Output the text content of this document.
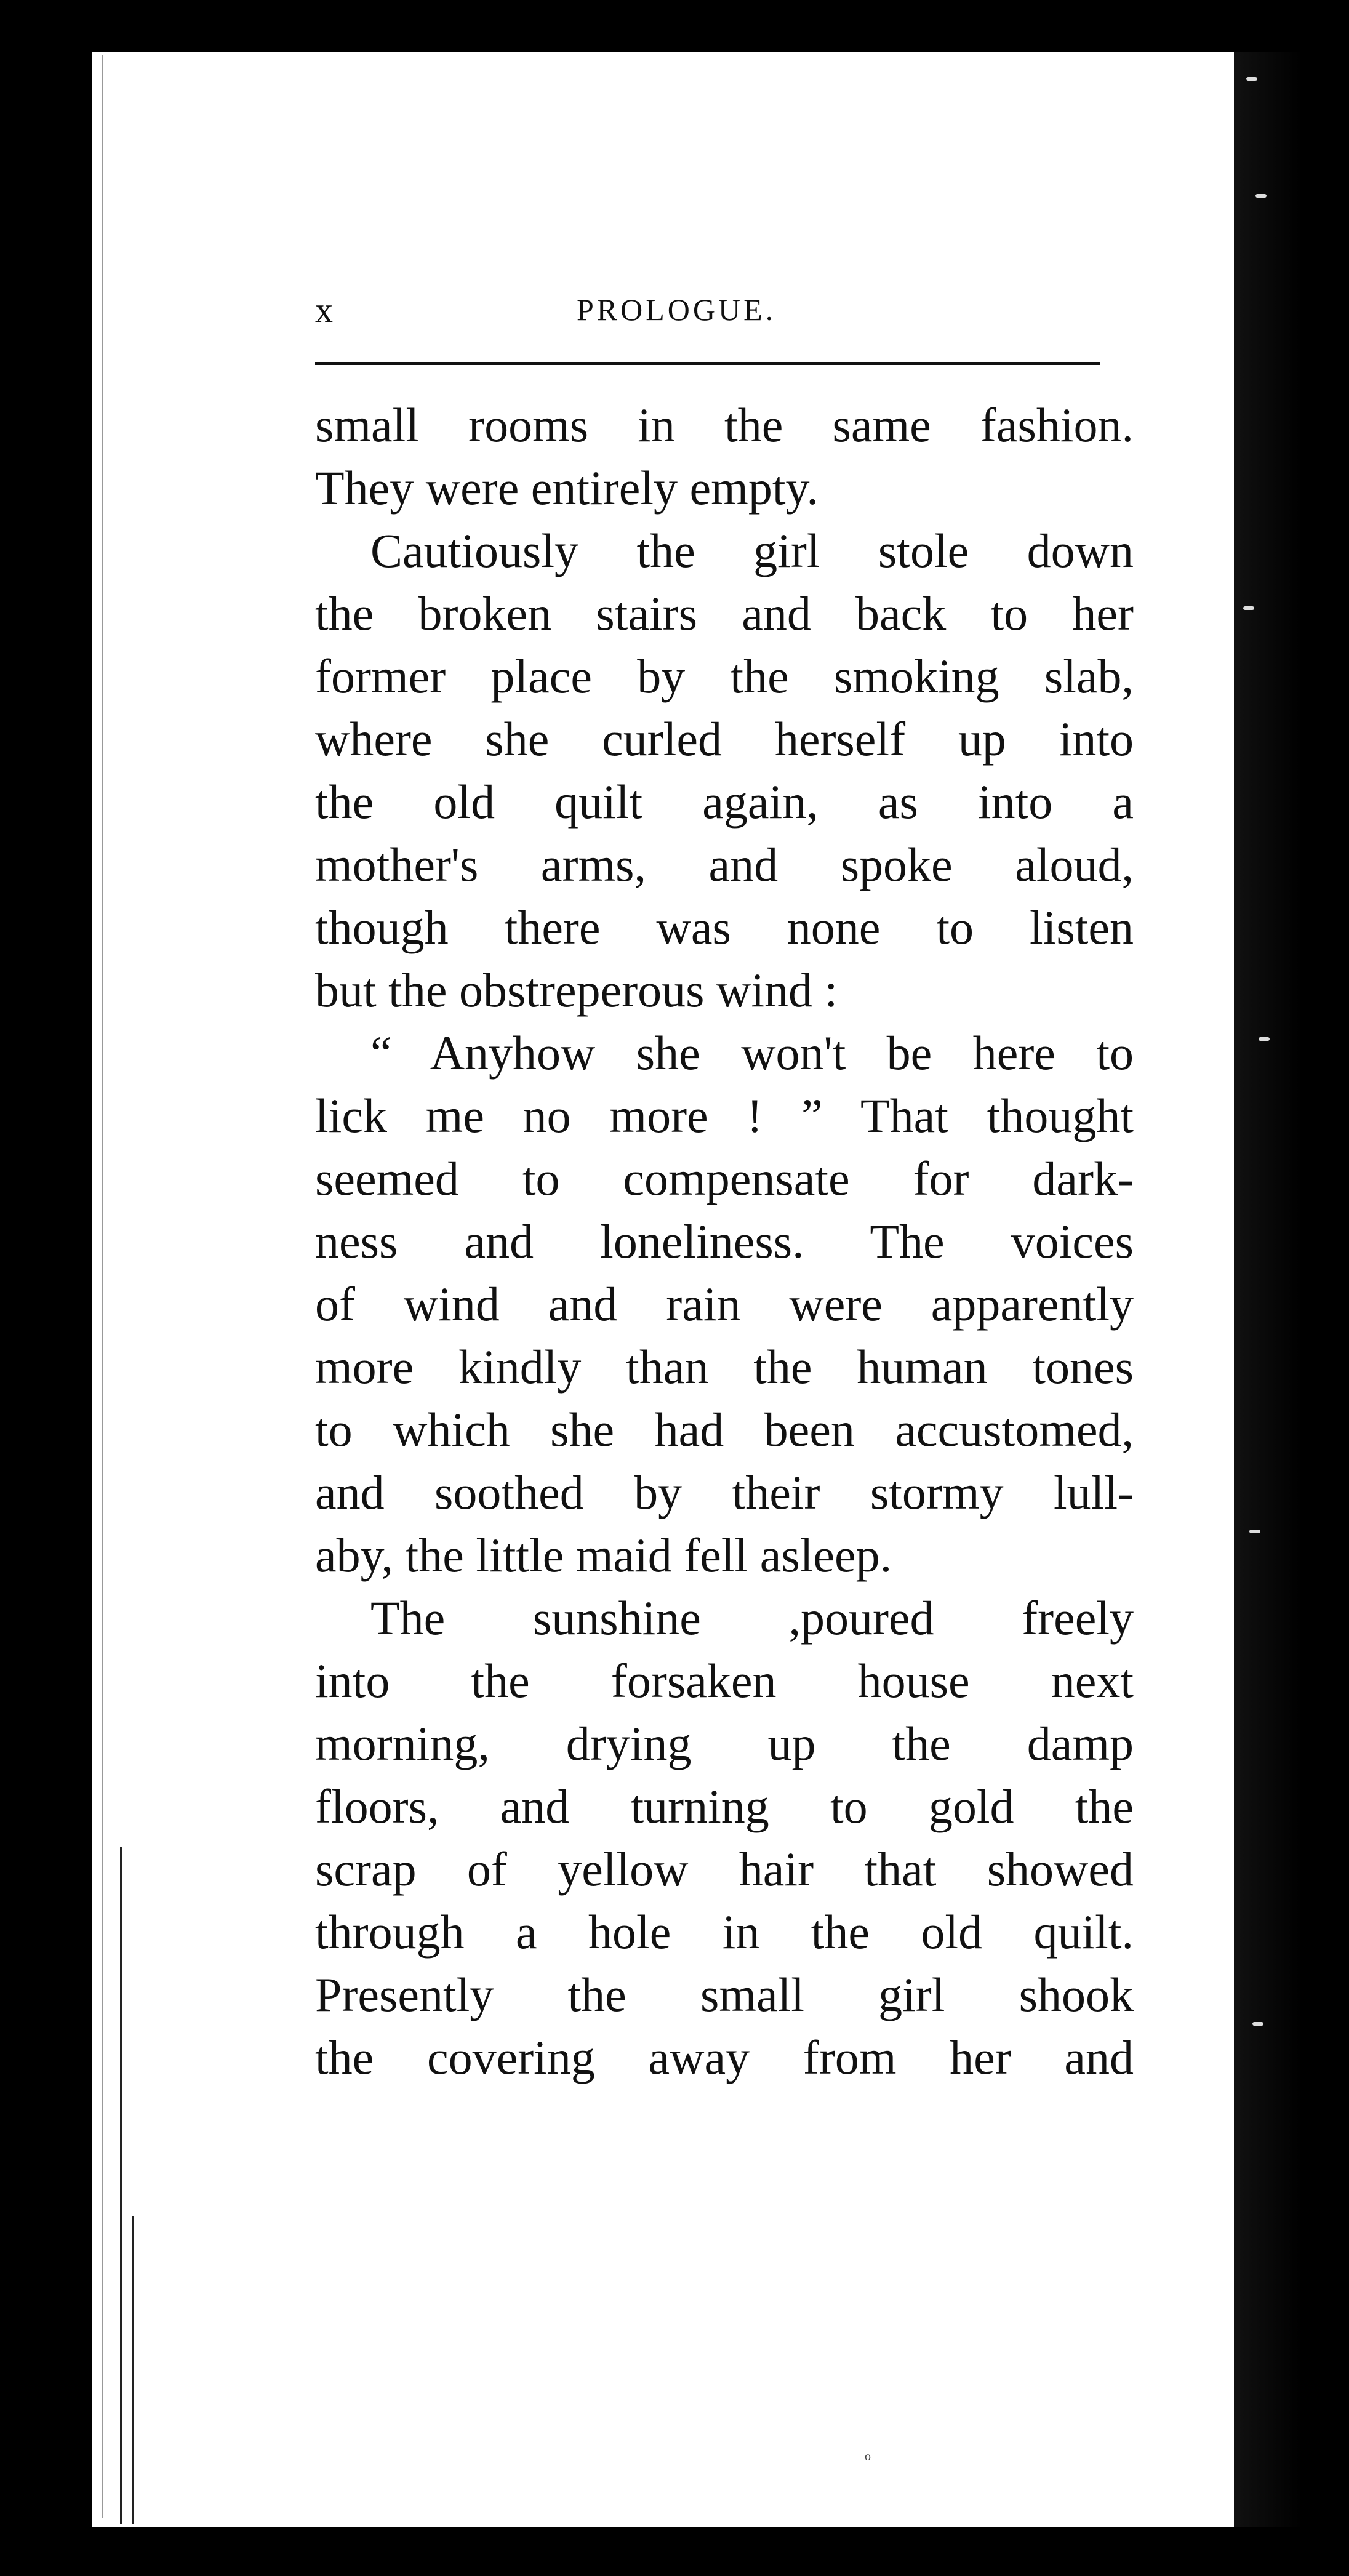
x	PROLOGUE.
small rooms in the same fashion.
They were entirely empty.
Cautiously the girl stole down
the broken stairs and back to her
former place by the smoking slab,
where she curled herself up into
the old quilt again, as into a
mother's arms, and spoke aloud,
though there was none to listen
but the obstreperous wind :
“ Anyhow she won't be here to
lick me no more ! ” That thought
seemed to compensate for dark-
ness and loneliness. The voices
of wind and rain were apparently
more kindly than the human tones
to which she had been accustomed,
and soothed by their stormy lull-
aby, the little maid fell asleep.
The sunshine ,poured freely
into the forsaken house next
morning, drying up the damp
floors, and turning to gold the
scrap of yellow hair that showed
through a hole in the old quilt.
Presently the small girl shook
the covering away from her and
o
